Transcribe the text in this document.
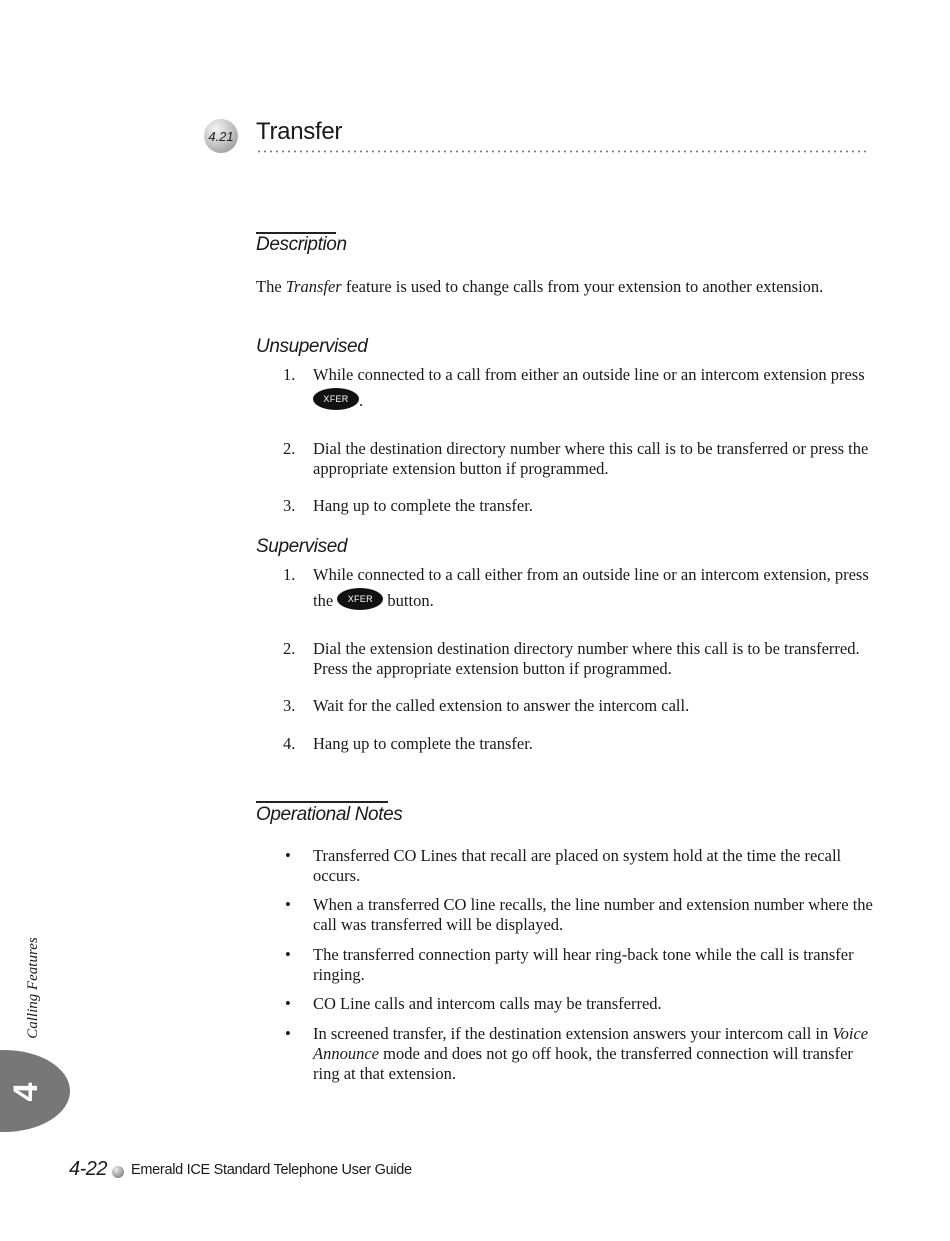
4.21 Transfer
Description

The Transfer feature is used to change calls from your extension to another extension.

Unsupervised
1. While connected to a call from either an outside line or an intercom extension press XFER .
2. Dial the destination directory number where this call is to be transferred or press the appropriate extension button if programmed.
3. Hang up to complete the transfer.
Supervised
1. While connected to a call either from an outside line or an intercom extension, press the XFER button.
2. Dial the extension destination directory number where this call is to be transferred. Press the appropriate extension button if programmed.
3. Wait for the called extension to answer the intercom call.
4. Hang up to complete the transfer.
Operational Notes
• Transferred CO Lines that recall are placed on system hold at the time the recall occurs.
• When a transferred CO line recalls, the line number and extension number where the call was transferred will be displayed.
• The transferred connection party will hear ring-back tone while the call is transfer ringing.
• CO Line calls and intercom calls may be transferred.
• In screened transfer, if the destination extension answers your intercom call in Voice Announce mode and does not go off hook, the transferred connection will transfer ring at that extension.
Calling Features
4
4-22 Emerald ICE Standard Telephone User Guide
